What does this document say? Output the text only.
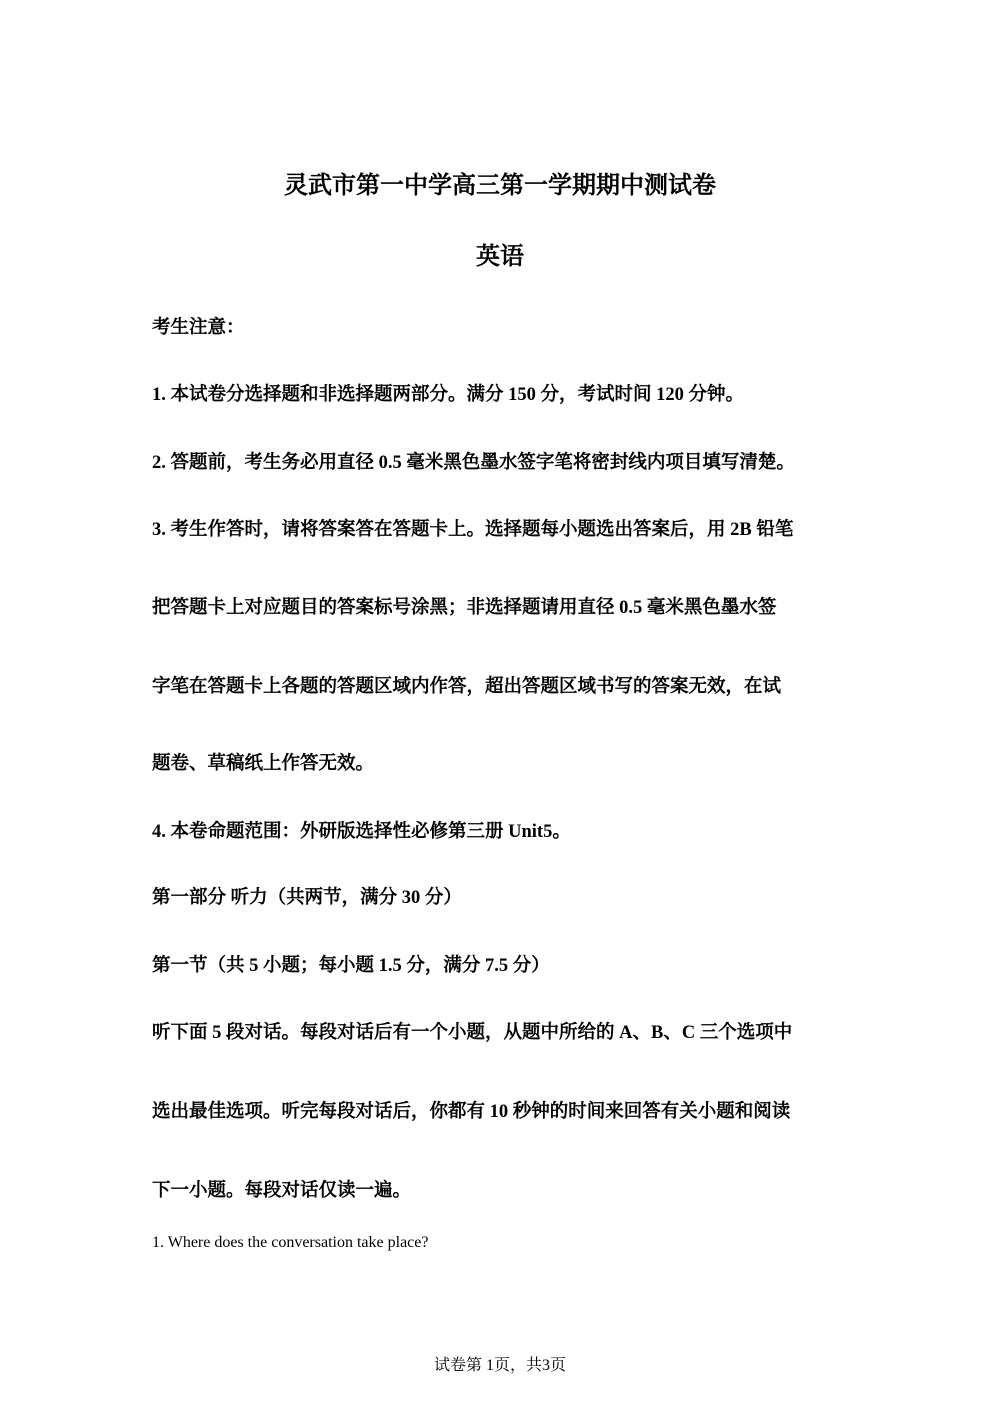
灵武市第一中学高三第一学期期中测试卷
英语

考生注意：

1. 本试卷分选择题和非选择题两部分。满分 150 分，考试时间 120 分钟。

2. 答题前，考生务必用直径 0.5 毫米黑色墨水签字笔将密封线内项目填写清楚。

3. 考生作答时，请将答案答在答题卡上。选择题每小题选出答案后，用 2B 铅笔

把答题卡上对应题目的答案标号涂黑；非选择题请用直径 0.5 毫米黑色墨水签

字笔在答题卡上各题的答题区域内作答，超出答题区域书写的答案无效，在试

题卷、草稿纸上作答无效。

4. 本卷命题范围：外研版选择性必修第三册 Unit5。

第一部分 听力（共两节，满分 30 分）

第一节（共 5 小题；每小题 1.5 分，满分 7.5 分）

听下面 5 段对话。每段对话后有一个小题，从题中所给的 A、B、C 三个选项中

选出最佳选项。听完每段对话后，你都有 10 秒钟的时间来回答有关小题和阅读

下一小题。每段对话仅读一遍。

1. Where does the conversation take place?

试卷第 1页，共3页
